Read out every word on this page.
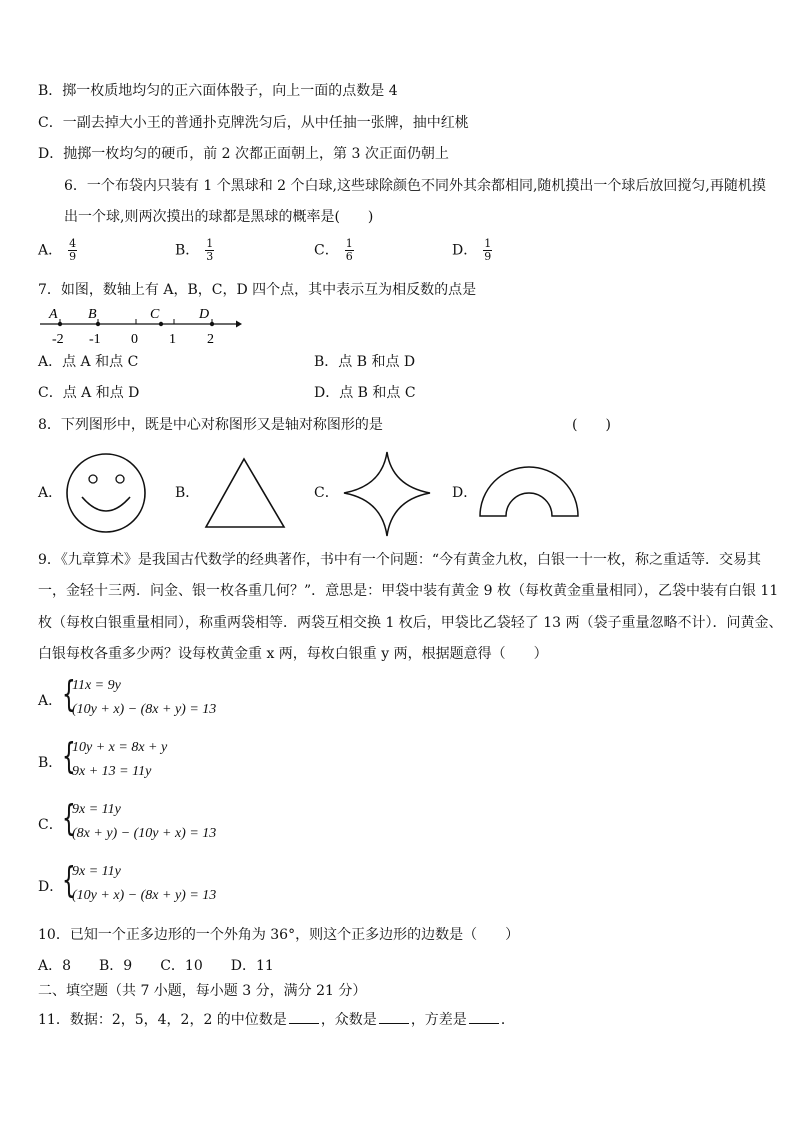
B．掷一枚质地均匀的正六面体骰子，向上一面的点数是 4
C．一副去掉大小王的普通扑克牌洗匀后，从中任抽一张牌，抽中红桃
D．抛掷一枚均匀的硬币，前 2 次都正面朝上，第 3 次正面仍朝上
6．一个布袋内只装有 1 个黑球和 2 个白球,这些球除颜色不同外其余都相同,随机摸出一个球后放回搅匀,再随机摸
出一个球,则两次摸出的球都是黑球的概率是(　　)
A． $\frac{4}{9}$	B． $\frac{1}{3}$	C． $\frac{1}{6}$	D． $\frac{1}{9}$
7．如图，数轴上有 A，B，C，D 四个点，其中表示互为相反数的点是
A B	C	D
-2 -1 0 1 2
A．点 A 和点 C	B．点 B 和点 D
C．点 A 和点 D	D．点 B 和点 C
8．下列图形中，既是中心对称图形又是轴对称图形的是	(　　)
A．	B．	C．	D．
9．《九章算术》是我国古代数学的经典著作，书中有一个问题：“今有黄金九枚，白银一十一枚，称之重适等．交易其
一，金轻十三两．问金、银一枚各重几何？”．意思是：甲袋中装有黄金 9 枚（每枚黄金重量相同），乙袋中装有白银 11
枚（每枚白银重量相同），称重两袋相等．两袋互相交换 1 枚后，甲袋比乙袋轻了 13 两（袋子重量忽略不计）．问黄金、
白银每枚各重多少两？设每枚黄金重 x 两，每枚白银重 y 两，根据题意得（　　）
A． {
11x = 9y
(10y + x) − (8x + y) = 13
B． {
10y + x = 8x + y
9x + 13 = 11y
C． {
9x = 11y
(8x + y) − (10y + x) = 13
D．
{
9x = 11y
(10y + x) − (8x + y) = 13
10．已知一个正多边形的一个外角为 36°，则这个正多边形的边数是（　　）
A．8　　B．9　　C．10　　D．11
二、填空题（共 7 小题，每小题 3 分，满分 21 分）
11．数据：2，5，4，2，2 的中位数是 ，众数是 ，方差是 ．
